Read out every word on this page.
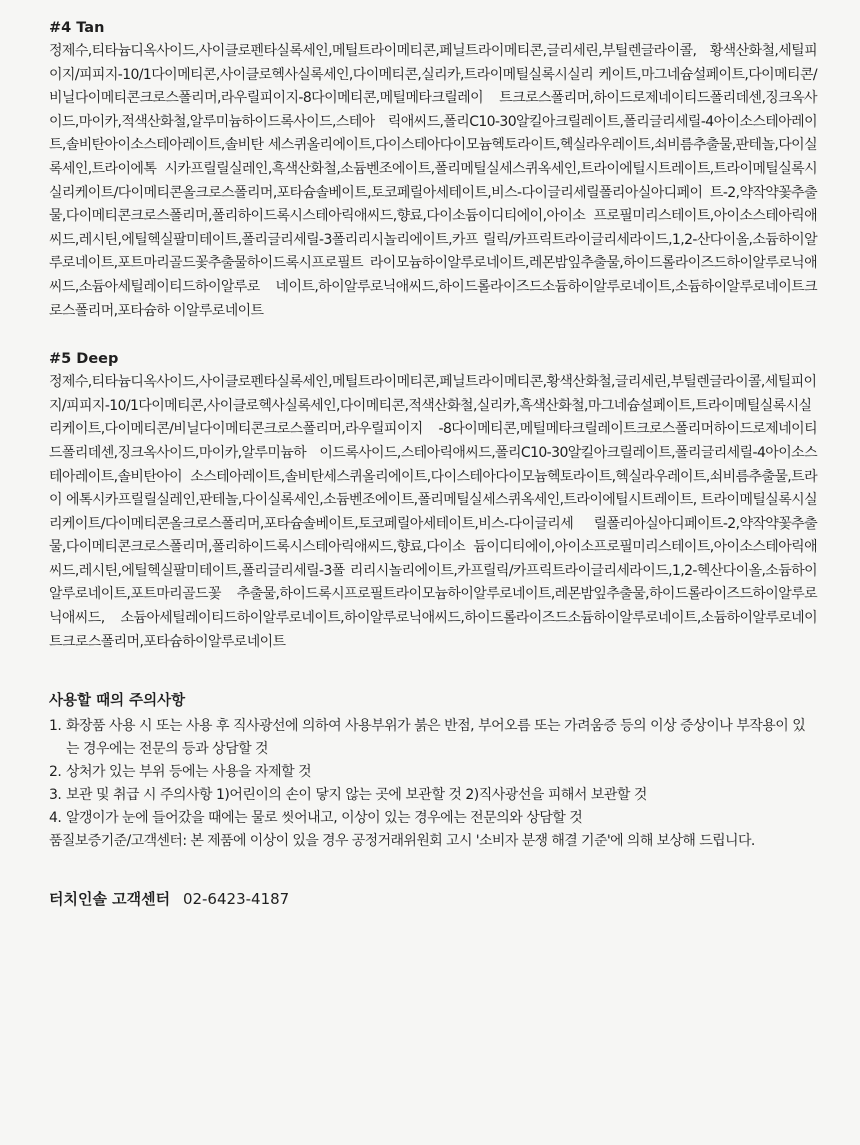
#4 Tan

정제수,티타늄디옥사이드,사이클로펜타실록세인,메틸트라이메티콘,페닐트라이메티콘,글리세린,부틸렌글라이콜, 황색산화철,세틸피이지/피피지-10/1다이메티콘,사이클로헥사실록세인,다이메티콘,실리카,트라이메틸실록시실리 케이트,마그네슘설페이트,다이메티콘/비닐다이메티콘크로스폴리머,라우릴피이지-8다이메티콘,메틸메타크릴레이 트크로스폴리머,하이드로제네이티드폴리데센,징크옥사이드,마이카,적색산화철,알루미늄하이드록사이드,스테아 릭애씨드,폴리C10-30알킬아크릴레이트,폴리글리세릴-4아이소스테아레이트,솔비탄아이소스테아레이트,솔비탄 세스퀴올리에이트,다이스테아다이모늄헥토라이트,헥실라우레이트,쇠비름추출물,판테놀,다이실록세인,트라이에톡 시카프릴릴실레인,흑색산화철,소듐벤조에이트,폴리메틸실세스퀴옥세인,트라이에틸시트레이트,트라이메틸실록시 실리케이트/다이메티콘올크로스폴리머,포타슘솔베이트,토코페릴아세테이트,비스-다이글리세릴폴리아실아디페이 트-2,약작약꽃추출물,다이메티콘크로스폴리머,폴리하이드록시스테아릭애씨드,향료,다이소듐이디티에이,아이소 프로필미리스테이트,아이소스테아릭애씨드,레시틴,에틸헥실팔미테이트,폴리글리세릴-3폴리리시놀리에이트,카프 릴릭/카프릭트라이글리세라이드,1,2-산다이올,소듐하이알루로네이트,포트마리골드꽃추출물하이드록시프로필트 라이모늄하이알루로네이트,레몬밤잎추출물,하이드롤라이즈드하이알루로닉애씨드,소듐아세틸레이티드하이알루로 네이트,하이알루로닉애씨드,하이드롤라이즈드소듐하이알루로네이트,소듐하이알루로네이트크로스폴리머,포타슘하 이알루로네이트

#5 Deep

정제수,티타늄디옥사이드,사이클로펜타실록세인,메틸트라이메티콘,페닐트라이메티콘,황색산화철,글리세린,부틸렌글라이콜,세틸피이지/피피지-10/1다이메티콘,사이클로헥사실록세인,다이메티콘,적색산화철,실리카,흑색산화철,마그네슘설페이트,트라이메틸실록시실리케이트,다이메티콘/비닐다이메티콘크로스폴리머,라우릴피이지 -8다이메티콘,메틸메타크릴레이트크로스폴리머하이드로제네이티드폴리데센,징크옥사이드,마이카,알루미늄하 이드록사이드,스테아릭애씨드,폴리C10-30알킬아크릴레이트,폴리글리세릴-4아이소스테아레이트,솔비탄아이 소스테아레이트,솔비탄세스퀴올리에이트,다이스테아다이모늄헥토라이트,헥실라우레이트,쇠비름추출물,트라이 에톡시카프릴릴실레인,판테놀,다이실록세인,소듐벤조에이트,폴리메틸실세스퀴옥세인,트라이에틸시트레이트, 트라이메틸실록시실리케이트/다이메티콘올크로스폴리머,포타슘솔베이트,토코페릴아세테이트,비스-다이글리세 릴폴리아실아디페이트-2,약작약꽃추출물,다이메티콘크로스폴리머,폴리하이드록시스테아릭애씨드,향료,다이소 듐이디티에이,아이소프로필미리스테이트,아이소스테아릭애씨드,레시틴,에틸헥실팔미테이트,폴리글리세릴-3폴 리리시놀리에이트,카프릴릭/카프릭트라이글리세라이드,1,2-헥산다이올,소듐하이알루로네이트,포트마리골드꽃 추출물,하이드록시프로필트라이모늄하이알루로네이트,레몬밤잎추출물,하이드롤라이즈드하이알루로닉애씨드, 소듐아세틸레이티드하이알루로네이트,하이알루로닉애씨드,하이드롤라이즈드소듐하이알루로네이트,소듐하이알루로네이트크로스폴리머,포타슘하이알루로네이트

사용할 때의 주의사항
1. 화장품 사용 시 또는 사용 후 직사광선에 의하여 사용부위가 붉은 반점, 부어오름 또는 가려움증 등의 이상 증상이나 부작용이 있는 경우에는 전문의 등과 상담할 것
2. 상처가 있는 부위 등에는 사용을 자제할 것
3. 보관 및 취급 시 주의사항 1)어린이의 손이 닿지 않는 곳에 보관할 것 2)직사광선을 피해서 보관할 것
4. 알갱이가 눈에 들어갔을 때에는 물로 씻어내고, 이상이 있는 경우에는 전문의와 상담할 것
품질보증기준/고객센터: 본 제품에 이상이 있을 경우 공정거래위원회 고시 '소비자 분쟁 해결 기준'에 의해 보상해 드립니다.
터치인솔 고객센터 02-6423-4187
